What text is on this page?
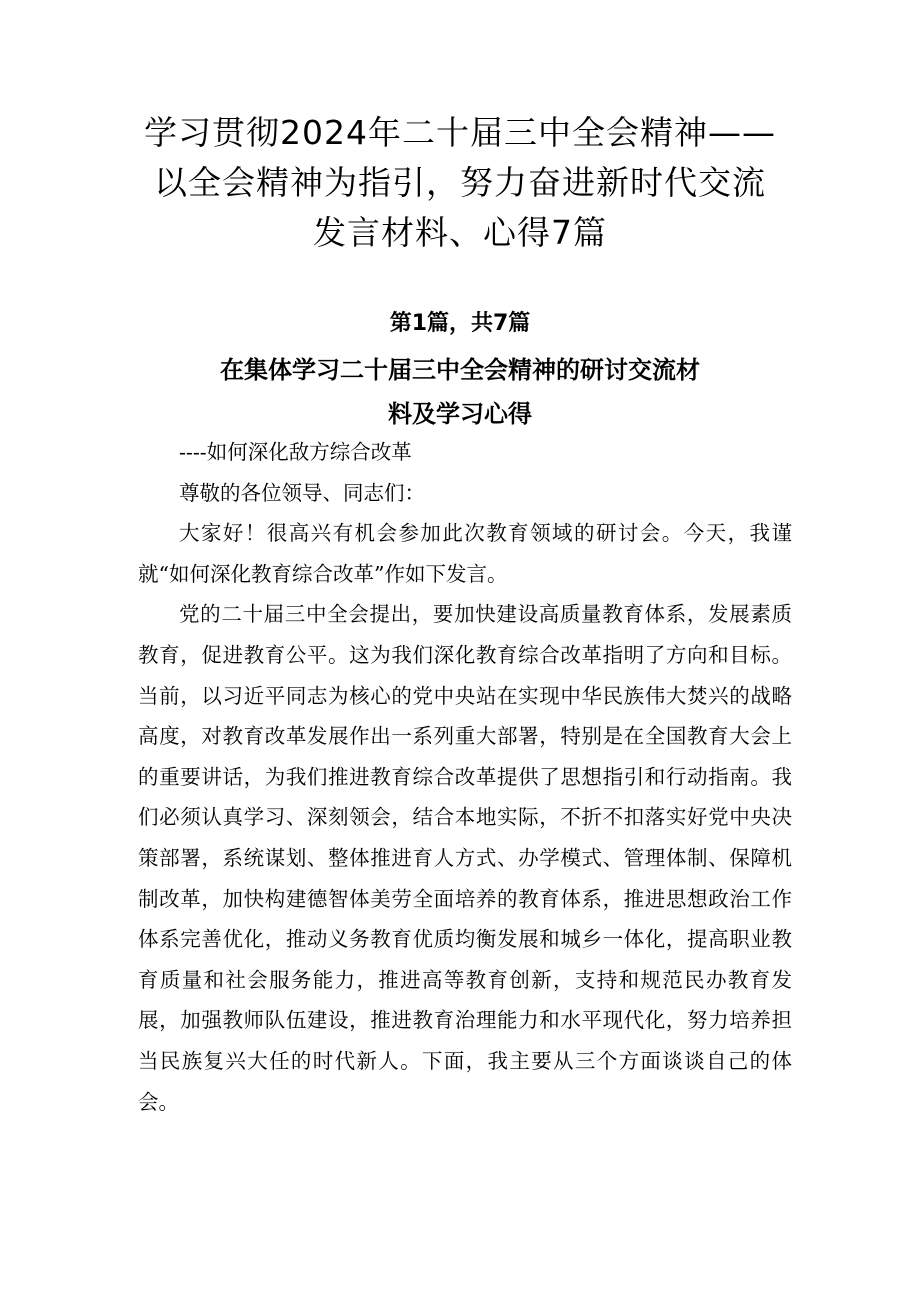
学习贯彻2024年二十届三中全会精神——
以全会精神为指引，努力奋进新时代交流
发言材料、心得7篇
第1篇，共7篇
在集体学习二十届三中全会精神的研讨交流材
料及学习心得

----如何深化敌方综合改革

尊敬的各位领导、同志们：

大家好！很高兴有机会参加此次教育领域的研讨会。今天，我谨就“如何深化教育综合改革”作如下发言。

党的二十届三中全会提出，要加快建设高质量教育体系，发展素质教育，促进教育公平。这为我们深化教育综合改革指明了方向和目标。当前，以习近平同志为核心的党中央站在实现中华民族伟大焚兴的战略高度，对教育改革发展作出一系列重大部署，特别是在全国教育大会上的重要讲话，为我们推进教育综合改革提供了思想指引和行动指南。我们必须认真学习、深刻领会，结合本地实际，不折不扣落实好党中央决策部署，系统谋划、整体推进育人方式、办学模式、管理体制、保障机制改革，加快构建德智体美劳全面培养的教育体系，推进思想政治工作体系完善优化，推动义务教育优质均衡发展和城乡一体化，提高职业教育质量和社会服务能力，推进高等教育创新，支持和规范民办教育发展，加强教师队伍建设，推进教育治理能力和水平现代化，努力培养担当民族复兴大任的时代新人。下面，我主要从三个方面谈谈自己的体会。
